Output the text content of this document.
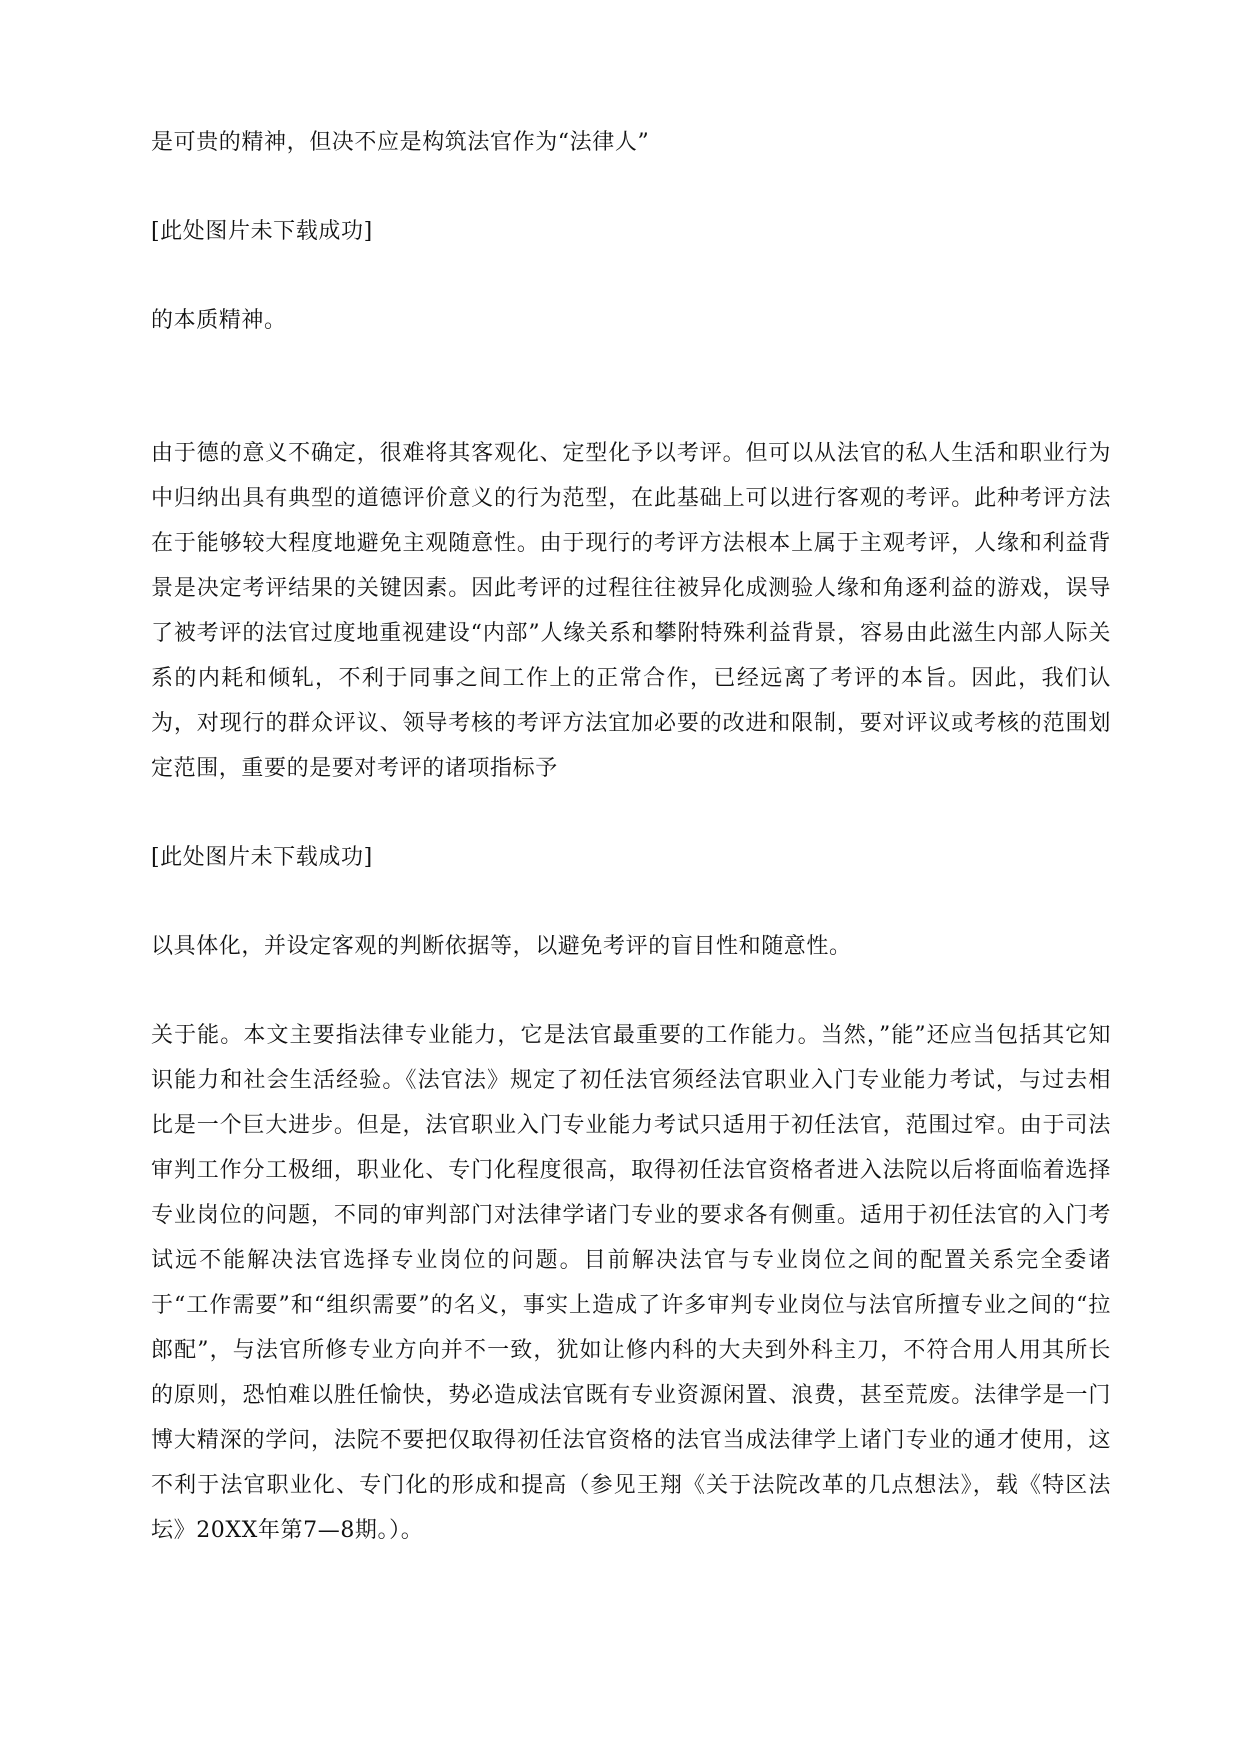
是可贵的精神，但决不应是构筑法官作为“法律人”

[此处图片未下载成功]

的本质精神。

由于德的意义不确定，很难将其客观化、定型化予以考评。但可以从法官的私人生活和职业行为中归纳出具有典型的道德评价意义的行为范型，在此基础上可以进行客观的考评。此种考评方法在于能够较大程度地避免主观随意性。由于现行的考评方法根本上属于主观考评，人缘和利益背景是决定考评结果的关键因素。因此考评的过程往往被异化成测验人缘和角逐利益的游戏，误导了被考评的法官过度地重视建设“内部”人缘关系和攀附特殊利益背景，容易由此滋生内部人际关系的内耗和倾轧，不利于同事之间工作上的正常合作，已经远离了考评的本旨。因此，我们认为，对现行的群众评议、领导考核的考评方法宜加必要的改进和限制，要对评议或考核的范围划定范围，重要的是要对考评的诸项指标予

[此处图片未下载成功]

以具体化，并设定客观的判断依据等，以避免考评的盲目性和随意性。

关于能。本文主要指法律专业能力，它是法官最重要的工作能力。当然，”能”还应当包括其它知识能力和社会生活经验。《法官法》规定了初任法官须经法官职业入门专业能力考试，与过去相比是一个巨大进步。但是，法官职业入门专业能力考试只适用于初任法官，范围过窄。由于司法审判工作分工极细，职业化、专门化程度很高，取得初任法官资格者进入法院以后将面临着选择专业岗位的问题，不同的审判部门对法律学诸门专业的要求各有侧重。适用于初任法官的入门考试远不能解决法官选择专业岗位的问题。目前解决法官与专业岗位之间的配置关系完全委诸于“工作需要”和“组织需要”的名义，事实上造成了许多审判专业岗位与法官所擅专业之间的“拉郎配”，与法官所修专业方向并不一致，犹如让修内科的大夫到外科主刀，不符合用人用其所长的原则，恐怕难以胜任愉快，势必造成法官既有专业资源闲置、浪费，甚至荒废。法律学是一门博大精深的学问，法院不要把仅取得初任法官资格的法官当成法律学上诸门专业的通才使用，这不利于法官职业化、专门化的形成和提高（参见王翔《关于法院改革的几点想法》，载《特区法坛》20XX年第7—8期。）。
